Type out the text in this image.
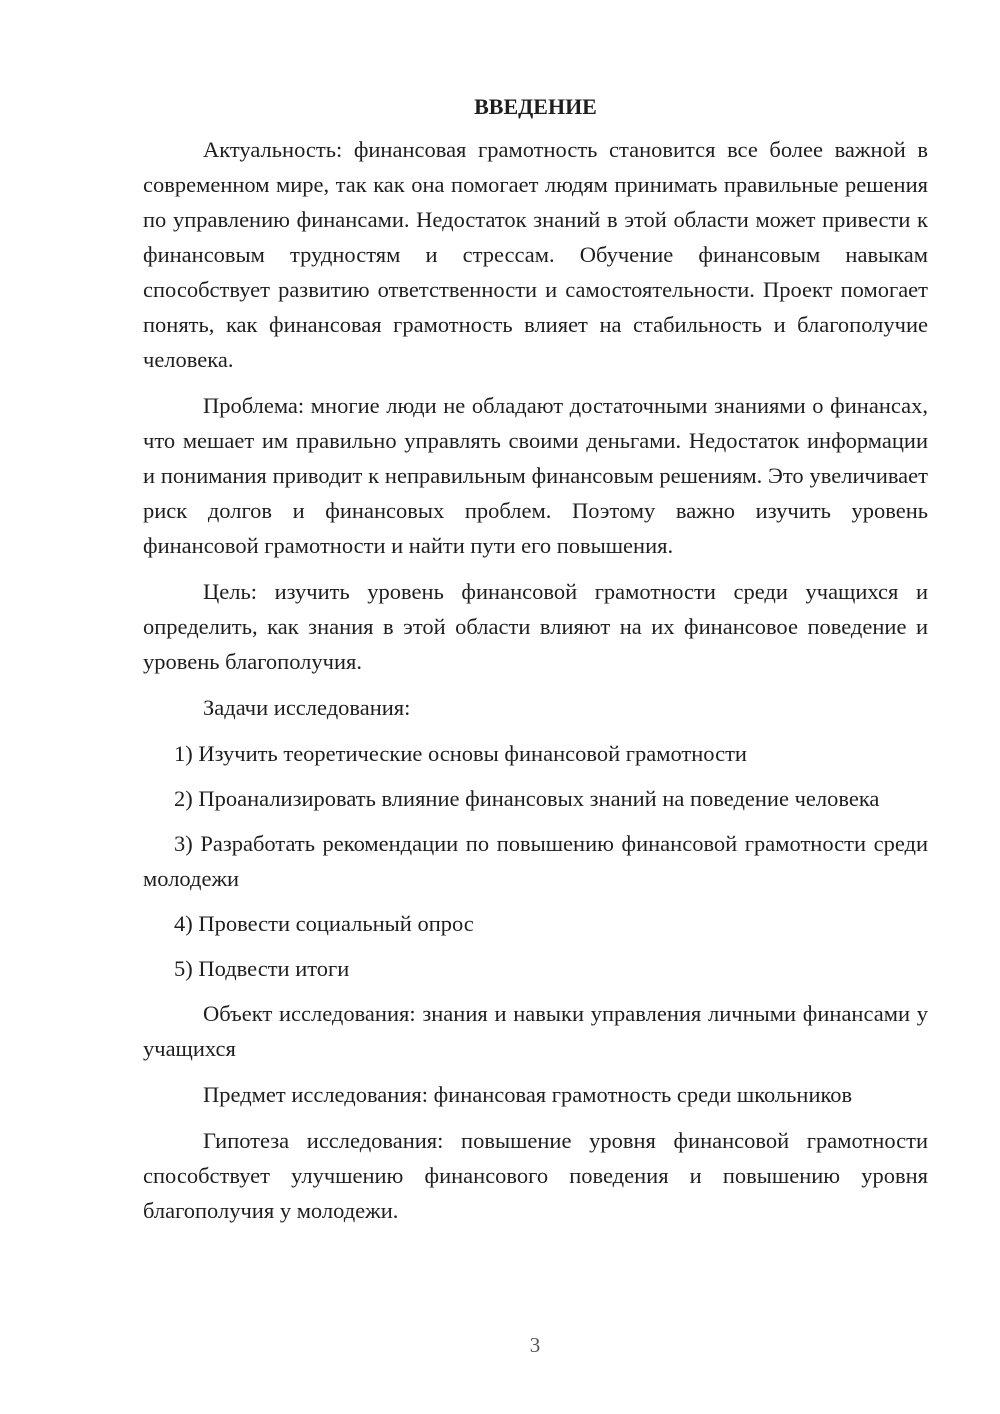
ВВЕДЕНИЕ

Актуальность: финансовая грамотность становится все более важной в современном мире, так как она помогает людям принимать правильные решения по управлению финансами. Недостаток знаний в этой области может привести к финансовым трудностям и стрессам. Обучение финансовым навыкам способствует развитию ответственности и самостоятельности. Проект помогает понять, как финансовая грамотность влияет на стабильность и благополучие человека.

Проблема: многие люди не обладают достаточными знаниями о финансах, что мешает им правильно управлять своими деньгами. Недостаток информации и понимания приводит к неправильным финансовым решениям. Это увеличивает риск долгов и финансовых проблем. Поэтому важно изучить уровень финансовой грамотности и найти пути его повышения.

Цель: изучить уровень финансовой грамотности среди учащихся и определить, как знания в этой области влияют на их финансовое поведение и уровень благополучия.

Задачи исследования:

1) Изучить теоретические основы финансовой грамотности

2) Проанализировать влияние финансовых знаний на поведение человека

3) Разработать рекомендации по повышению финансовой грамотности среди молодежи

4) Провести социальный опрос

5) Подвести итоги

Объект исследования: знания и навыки управления личными финансами у учащихся

Предмет исследования: финансовая грамотность среди школьников

Гипотеза исследования: повышение уровня финансовой грамотности способствует улучшению финансового поведения и повышению уровня благополучия у молодежи.

3
